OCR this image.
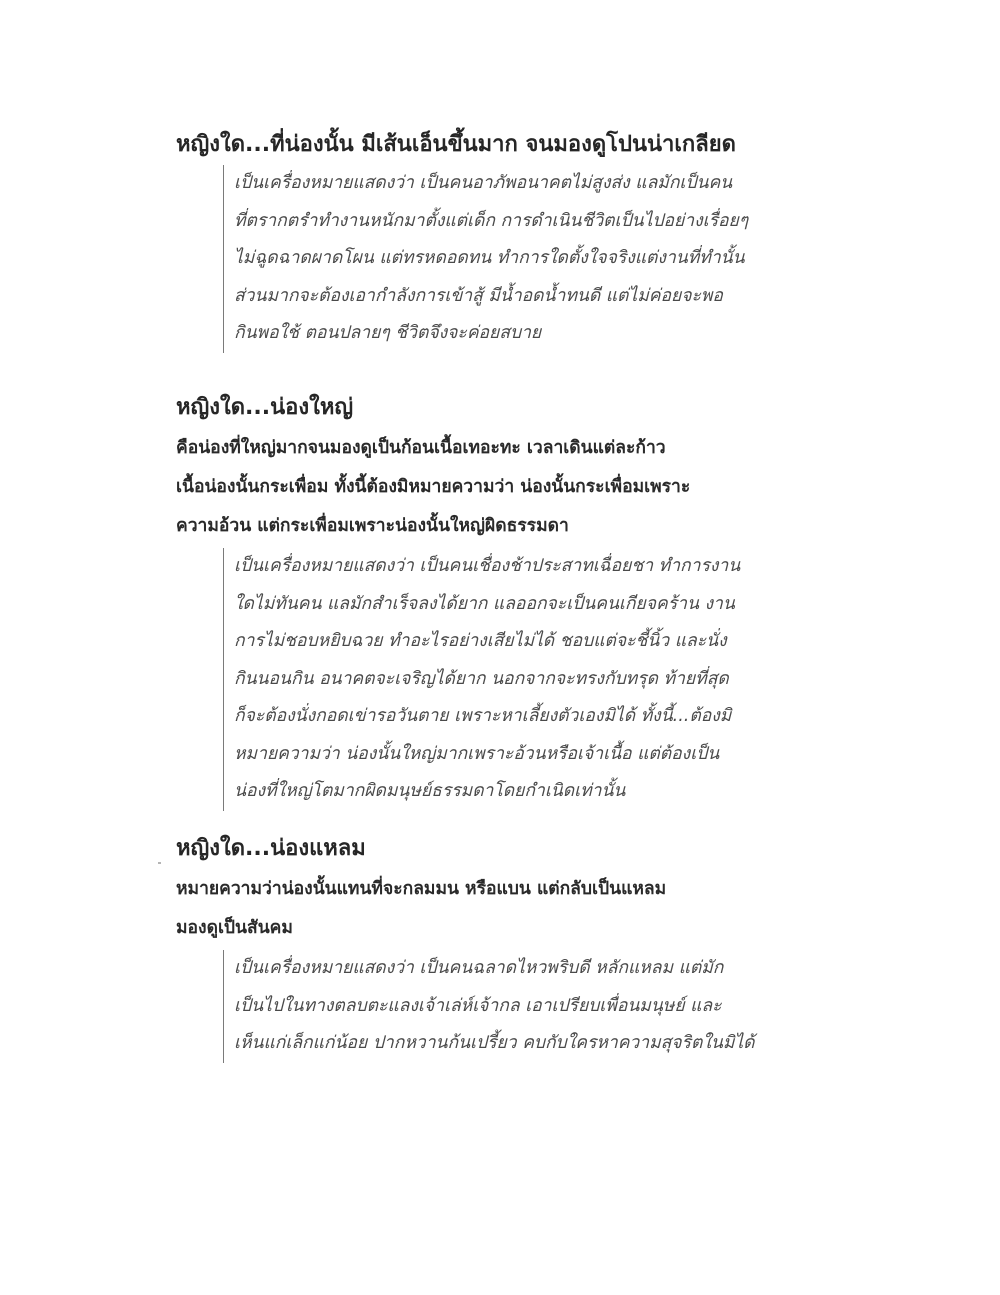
หญิงใด...ที่น่องนั้น มีเส้นเอ็นขึ้นมาก จนมองดูโปนน่าเกลียด
เป็นเครื่องหมายแสดงว่า เป็นคนอาภัพอนาคตไม่สูงส่ง แลมักเป็นคน
ที่ตรากตรำทำงานหนักมาตั้งแต่เด็ก การดำเนินชีวิตเป็นไปอย่างเรื่อยๆ
ไม่ฉูดฉาดผาดโผน แต่ทรหดอดทน ทำการใดตั้งใจจริงแต่งานที่ทำนั้น
ส่วนมากจะต้องเอากำลังการเข้าสู้ มีน้ำอดน้ำทนดี แต่ไม่ค่อยจะพอ
กินพอใช้ ตอนปลายๆ ชีวิตจึงจะค่อยสบาย
หญิงใด...น่องใหญ่
คือน่องที่ใหญ่มากจนมองดูเป็นก้อนเนื้อเทอะทะ เวลาเดินแต่ละก้าว
เนื้อน่องนั้นกระเพื่อม ทั้งนี้ต้องมิหมายความว่า น่องนั้นกระเพื่อมเพราะ
ความอ้วน แต่กระเพื่อมเพราะน่องนั้นใหญ่ผิดธรรมดา
เป็นเครื่องหมายแสดงว่า เป็นคนเชื่องช้าประสาทเฉื่อยชา ทำการงาน
ใดไม่ทันคน แลมักสำเร็จลงได้ยาก แลออกจะเป็นคนเกียจคร้าน งาน
การไม่ชอบหยิบฉวย ทำอะไรอย่างเสียไม่ได้ ชอบแต่จะชี้นิ้ว และนั่ง
กินนอนกิน อนาคตจะเจริญได้ยาก นอกจากจะทรงกับทรุด ท้ายที่สุด
ก็จะต้องนั่งกอดเข่ารอวันตาย เพราะหาเลี้ยงตัวเองมิได้ ทั้งนี้...ต้องมิ
หมายความว่า น่องนั้นใหญ่มากเพราะอ้วนหรือเจ้าเนื้อ แต่ต้องเป็น
น่องที่ใหญ่โตมากผิดมนุษย์ธรรมดาโดยกำเนิดเท่านั้น
หญิงใด...น่องแหลม
หมายความว่าน่องนั้นแทนที่จะกลมมน หรือแบน แต่กลับเป็นแหลม
มองดูเป็นสันคม
เป็นเครื่องหมายแสดงว่า เป็นคนฉลาดไหวพริบดี หลักแหลม แต่มัก
เป็นไปในทางตลบตะแลงเจ้าเล่ห์เจ้ากล เอาเปรียบเพื่อนมนุษย์ และ
เห็นแก่เล็กแก่น้อย ปากหวานก้นเปรี้ยว คบกับใครหาความสุจริตในมิได้
